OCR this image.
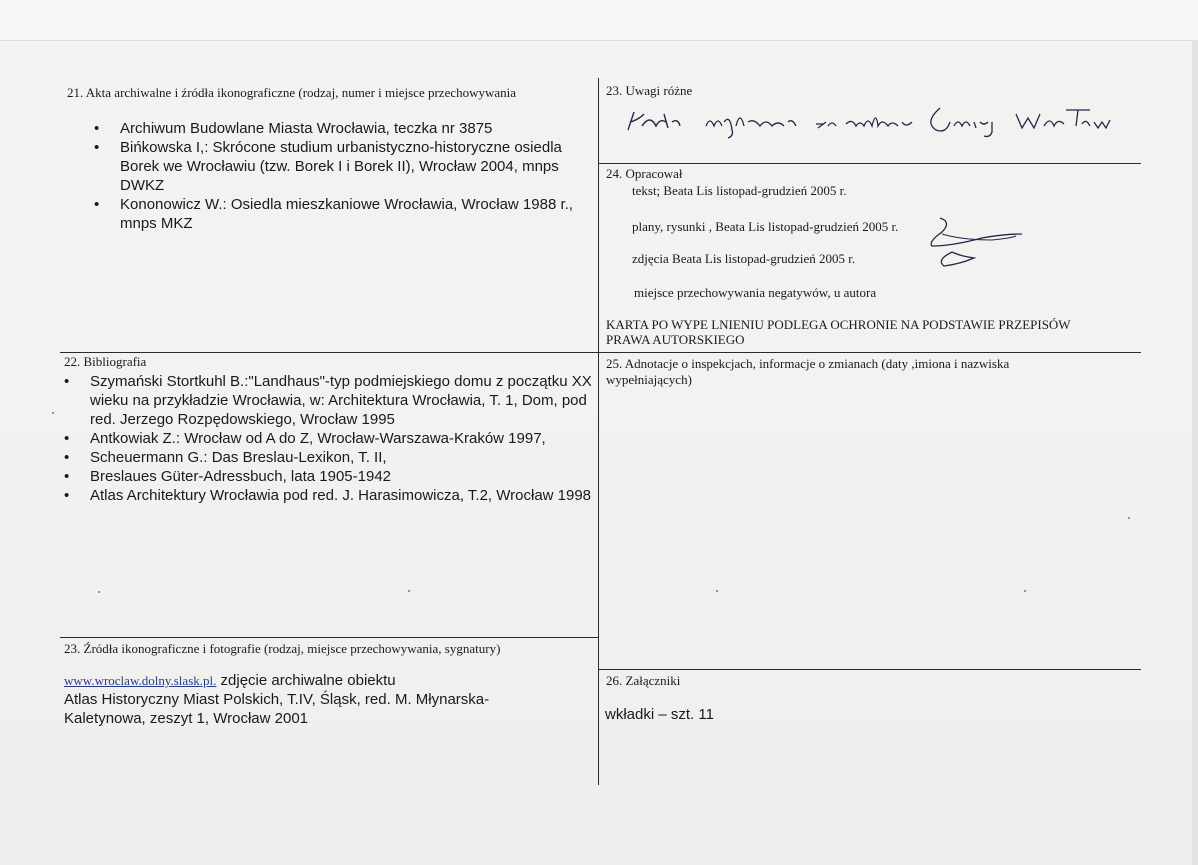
21. Akta archiwalne i źródła ikonograficzne (rodzaj, numer i miejsce przechowywania
• Archiwum Budowlane Miasta Wrocławia, teczka nr 3875
• Bińkowska I,: Skrócone studium urbanistyczno-historyczne osiedla Borek we Wrocławiu (tzw. Borek I i Borek II), Wrocław 2004, mnps DWKZ
• Kononowicz W.: Osiedla mieszkaniowe Wrocławia, Wrocław 1988 r., mnps MKZ
22. Bibliografia
• Szymański Stortkuhl B.:"Landhaus"-typ podmiejskiego domu z początku XX wieku na przykładzie Wrocławia, w: Architektura Wrocławia, T. 1, Dom, pod red. Jerzego Rozpędowskiego, Wrocław 1995
• Antkowiak Z.: Wrocław od A do Z, Wrocław-Warszawa-Kraków 1997,
• Scheuermann G.: Das Breslau-Lexikon, T. II,
• Breslaues Güter-Adressbuch, lata 1905-1942
• Atlas Architektury Wrocławia pod red. J. Harasimowicza, T.2, Wrocław 1998
23. Źródła ikonograficzne i fotografie (rodzaj, miejsce przechowywania, sygnatury)
www.wroclaw.dolny.slask.pl. zdjęcie archiwalne obiektu
Atlas Historyczny Miast Polskich, T.IV, Śląsk, red. M. Młynarska-
Kaletynowa, zeszyt 1, Wrocław 2001
23. Uwagi różne
24. Opracował
tekst; Beata Lis listopad-grudzień 2005 r.
plany, rysunki , Beata Lis listopad-grudzień 2005 r.
zdjęcia Beata Lis listopad-grudzień 2005 r.
miejsce przechowywania negatywów, u autora
KARTA PO WYPE LNIENIU PODLEGA OCHRONIE NA PODSTAWIE PRZEPISÓW
PRAWA AUTORSKIEGO
25. Adnotacje o inspekcjach, informacje o zmianach (daty ,imiona i nazwiska
wypełniających)
26. Załączniki
wkładki – szt. 11
